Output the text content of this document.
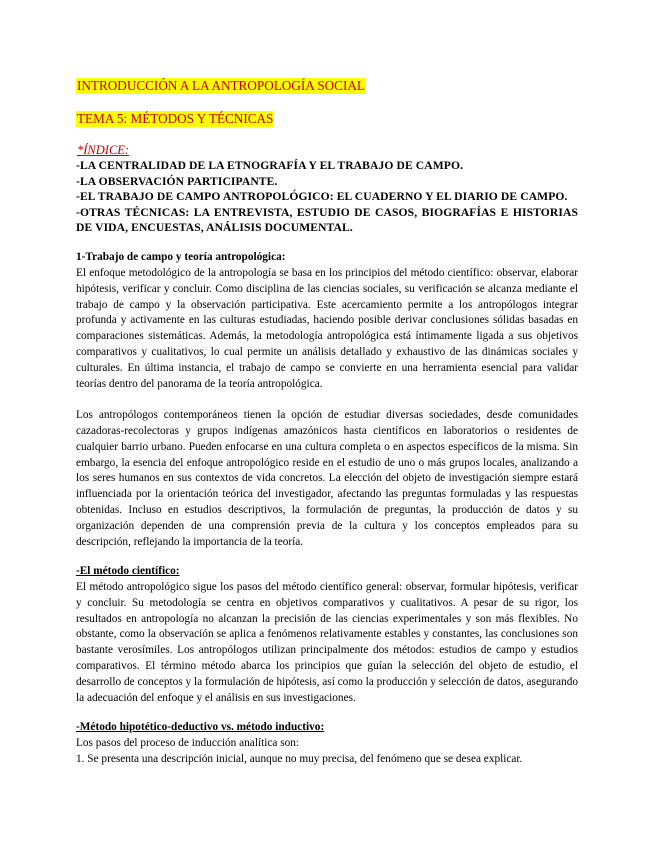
INTRODUCCIÓN A LA ANTROPOLOGÍA SOCIAL
TEMA 5: MÉTODOS Y TÉCNICAS
*ÍNDICE:
-LA CENTRALIDAD DE LA ETNOGRAFÍA Y EL TRABAJO DE CAMPO.
-LA OBSERVACIÓN PARTICIPANTE.
-EL TRABAJO DE CAMPO ANTROPOLÓGICO: EL CUADERNO Y EL DIARIO DE CAMPO.
-OTRAS TÉCNICAS: LA ENTREVISTA, ESTUDIO DE CASOS, BIOGRAFÍAS E HISTORIAS DE VIDA, ENCUESTAS, ANÁLISIS DOCUMENTAL.

1-Trabajo de campo y teoría antropológica:

El enfoque metodológico de la antropología se basa en los principios del método científico: observar, elaborar hipótesis, verificar y concluir. Como disciplina de las ciencias sociales, su verificación se alcanza mediante el trabajo de campo y la observación participativa. Este acercamiento permite a los antropólogos integrar profunda y activamente en las culturas estudiadas, haciendo posible derivar conclusiones sólidas basadas en comparaciones sistemáticas. Además, la metodología antropológica está íntimamente ligada a sus objetivos comparativos y cualitativos, lo cual permite un análisis detallado y exhaustivo de las dinámicas sociales y culturales. En última instancia, el trabajo de campo se convierte en una herramienta esencial para validar teorías dentro del panorama de la teoría antropológica.

Los antropólogos contemporáneos tienen la opción de estudiar diversas sociedades, desde comunidades cazadoras-recolectoras y grupos indígenas amazónicos hasta científicos en laboratorios o residentes de cualquier barrio urbano. Pueden enfocarse en una cultura completa o en aspectos específicos de la misma. Sin embargo, la esencia del enfoque antropológico reside en el estudio de uno o más grupos locales, analizando a los seres humanos en sus contextos de vida concretos. La elección del objeto de investigación siempre estará influenciada por la orientación teórica del investigador, afectando las preguntas formuladas y las respuestas obtenidas. Incluso en estudios descriptivos, la formulación de preguntas, la producción de datos y su organización dependen de una comprensión previa de la cultura y los conceptos empleados para su descripción, reflejando la importancia de la teoría.

-El método científico:

El método antropológico sigue los pasos del método científico general: observar, formular hipótesis, verificar y concluir. Su metodología se centra en objetivos comparativos y cualitativos. A pesar de su rigor, los resultados en antropología no alcanzan la precisión de las ciencias experimentales y son más flexibles. No obstante, como la observación se aplica a fenómenos relativamente estables y constantes, las conclusiones son bastante verosímiles. Los antropólogos utilizan principalmente dos métodos: estudios de campo y estudios comparativos. El término método abarca los principios que guían la selección del objeto de estudio, el desarrollo de conceptos y la formulación de hipótesis, así como la producción y selección de datos, asegurando la adecuación del enfoque y el análisis en sus investigaciones.

-Método hipotético-deductivo vs. método inductivo:

Los pasos del proceso de inducción analítica son:

1. Se presenta una descripción inicial, aunque no muy precisa, del fenómeno que se desea explicar.
